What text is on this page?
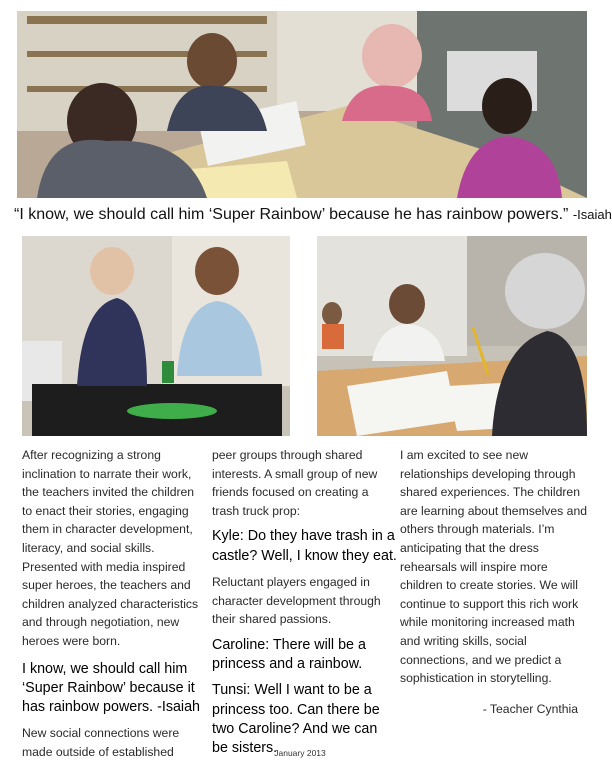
“I know, we should call him ‘Super Rainbow’ because he has rainbow powers.” -Isaiah

After recognizing a strong inclination to narrate their work, the teachers invited the children to enact their stories, engaging them in character development, literacy, and social skills. Presented with media inspired super heroes, the teachers and children analyzed characteristics and through negotiation, new heroes were born.

I know, we should call him ‘Super Rainbow’ because it has rainbow powers. -Isaiah

New social connections were made outside of established

peer groups through shared interests. A small group of new friends focused on creating a trash truck prop:

Kyle: Do they have trash in a castle? Well, I know they eat.

Reluctant players engaged in character development through their shared passions.

Caroline: There will be a princess and a rainbow.

Tunsi: Well I want to be a princess too. Can there be two Caroline? And we can be sisters.

I am excited to see new relationships developing through shared experiences. The children are learning about themselves and others through materials. I’m anticipating that the dress rehearsals will inspire more children to create stories. We will continue to support this rich work while monitoring increased math and writing skills, social connections, and we predict a sophistication in storytelling.

- Teacher Cynthia

January 2013
